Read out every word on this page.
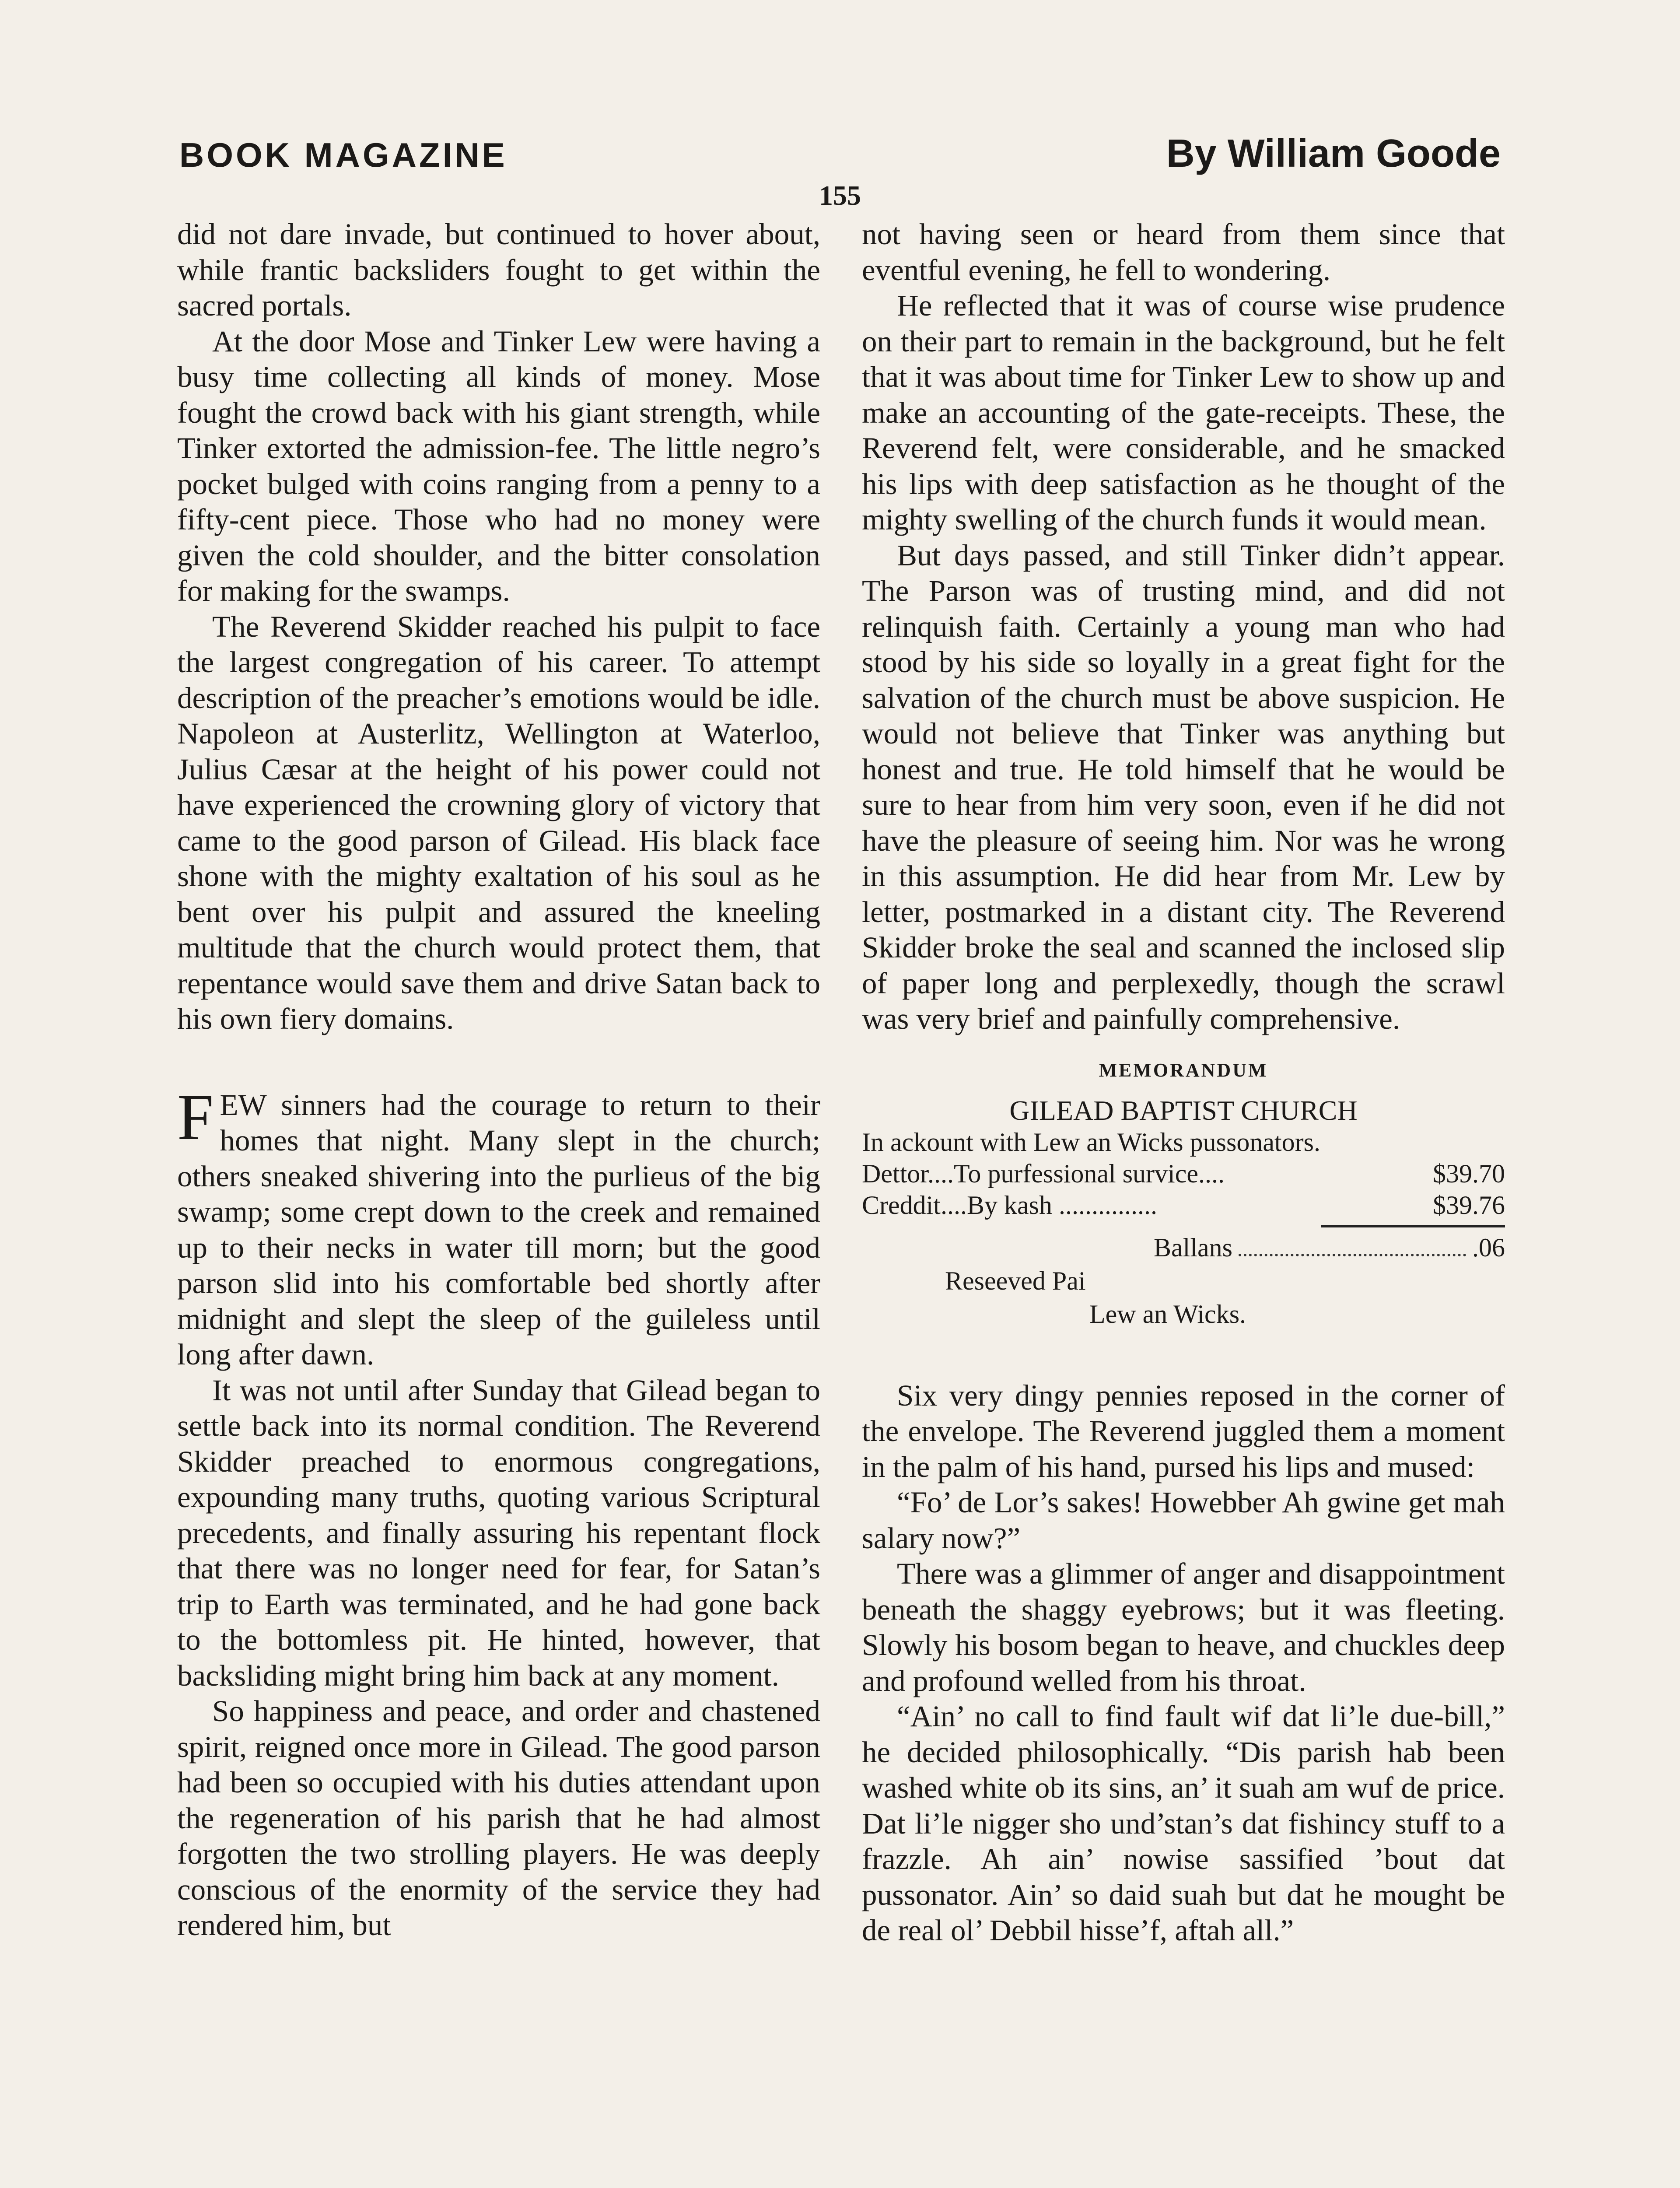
BOOK MAGAZINE	By William Goode
155

did not dare invade, but continued to hover about, while frantic backsliders fought to get within the sacred portals.

At the door Mose and Tinker Lew were having a busy time collecting all kinds of money. Mose fought the crowd back with his giant strength, while Tinker extorted the admission-fee. The little negro’s pocket bulged with coins ranging from a penny to a fifty-cent piece. Those who had no money were given the cold shoulder, and the bitter consolation for making for the swamps.

The Reverend Skidder reached his pulpit to face the largest congregation of his career. To attempt description of the preacher’s emotions would be idle. Napoleon at Austerlitz, Wellington at Waterloo, Julius Cæsar at the height of his power could not have experienced the crowning glory of victory that came to the good parson of Gilead. His black face shone with the mighty exaltation of his soul as he bent over his pulpit and assured the kneeling multitude that the church would protect them, that repentance would save them and drive Satan back to his own fiery domains.

F EW sinners had the courage to return to their homes that night. Many slept in the church; others sneaked shivering into the purlieus of the big swamp; some crept down to the creek and remained up to their necks in water till morn; but the good parson slid into his comfortable bed shortly after midnight and slept the sleep of the guileless until long after dawn.

It was not until after Sunday that Gilead began to settle back into its normal condition. The Reverend Skidder preached to enormous congregations, expounding many truths, quoting various Scriptural precedents, and finally assuring his repentant flock that there was no longer need for fear, for Satan’s trip to Earth was terminated, and he had gone back to the bottomless pit. He hinted, however, that backsliding might bring him back at any moment.

So happiness and peace, and order and chastened spirit, reigned once more in Gilead. The good parson had been so occupied with his duties attendant upon the regeneration of his parish that he had almost forgotten the two strolling players. He was deeply conscious of the enormity of the service they had rendered him, but

not having seen or heard from them since that eventful evening, he fell to wondering.

He reflected that it was of course wise prudence on their part to remain in the background, but he felt that it was about time for Tinker Lew to show up and make an accounting of the gate-receipts. These, the Reverend felt, were considerable, and he smacked his lips with deep satisfaction as he thought of the mighty swelling of the church funds it would mean.

But days passed, and still Tinker didn’t appear. The Parson was of trusting mind, and did not relinquish faith. Certainly a young man who had stood by his side so loyally in a great fight for the salvation of the church must be above suspicion. He would not believe that Tinker was anything but honest and true. He told himself that he would be sure to hear from him very soon, even if he did not have the pleasure of seeing him. Nor was he wrong in this assumption. He did hear from Mr. Lew by letter, postmarked in a distant city. The Reverend Skidder broke the seal and scanned the inclosed slip of paper long and perplexedly, though the scrawl was very brief and painfully comprehensive.

MEMORANDUM
GILEAD BAPTIST CHURCH
In ackount with Lew an Wicks pussonators.
Dettor....To purfessional survice....	$39.70
Creddit....By kash ...............	$39.76
Ballans	.06
Reseeved Pai
Lew an Wicks.

Six very dingy pennies reposed in the corner of the envelope. The Reverend juggled them a moment in the palm of his hand, pursed his lips and mused:

“Fo’ de Lor’s sakes! Howebber Ah gwine get mah salary now?”

There was a glimmer of anger and disappointment beneath the shaggy eyebrows; but it was fleeting. Slowly his bosom began to heave, and chuckles deep and profound welled from his throat.

“Ain’ no call to find fault wif dat li’le due-bill,” he decided philosophically. “Dis parish hab been washed white ob its sins, an’ it suah am wuf de price. Dat li’le nigger sho und’stan’s dat fishincy stuff to a frazzle. Ah ain’ nowise sassified ’bout dat pussonator. Ain’ so daid suah but dat he mought be de real ol’ Debbil hisse’f, aftah all.”
